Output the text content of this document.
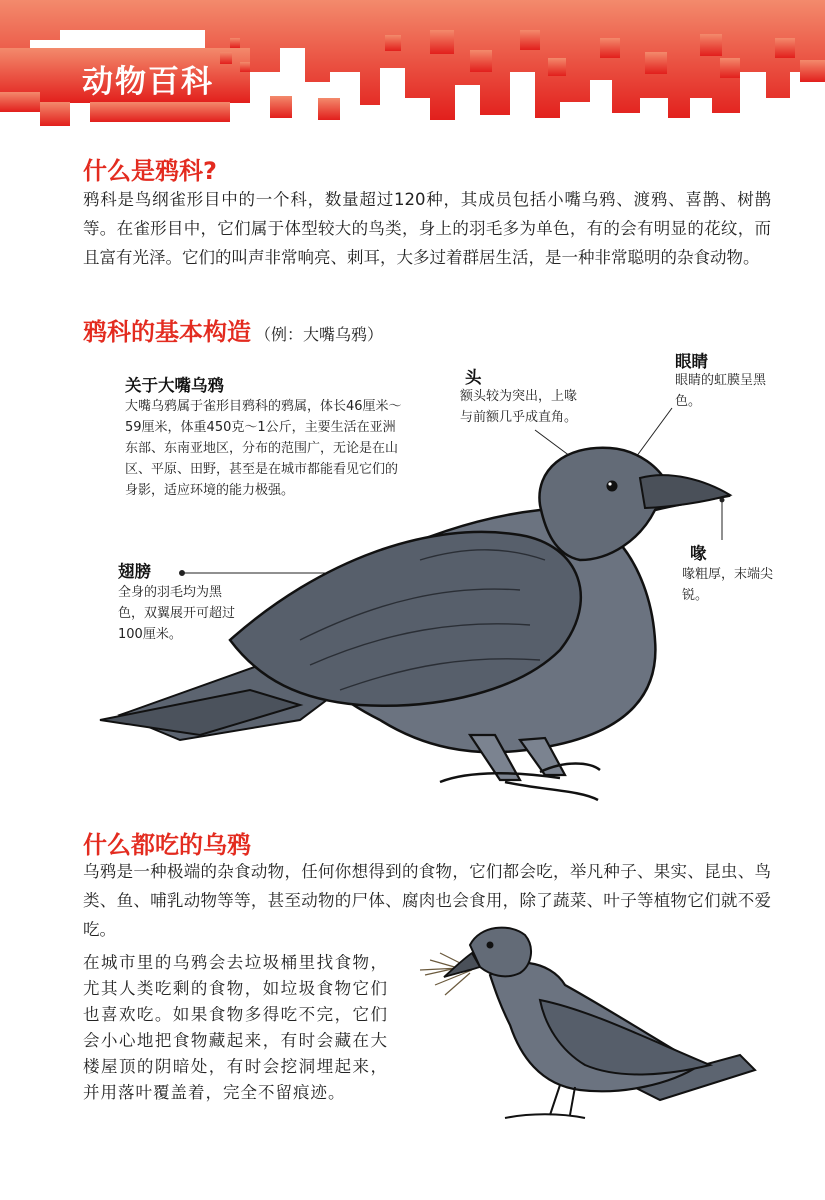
动物百科
什么是鸦科?
鸦科是鸟纲雀形目中的一个科，数量超过120种，其成员包括小嘴乌鸦、渡鸦、喜鹊、树鹊等。在雀形目中，它们属于体型较大的鸟类，身上的羽毛多为单色，有的会有明显的花纹，而且富有光泽。它们的叫声非常响亮、刺耳，大多过着群居生活，是一种非常聪明的杂食动物。
鸦科的基本构造 （例：大嘴乌鸦）
关于大嘴乌鸦
大嘴乌鸦属于雀形目鸦科的鸦属，体长46厘米～59厘米，体重450克～1公斤，主要生活在亚洲东部、东南亚地区，分布的范围广，无论是在山区、平原、田野，甚至是在城市都能看见它们的身影，适应环境的能力极强。
头
额头较为突出，上喙与前额几乎成直角。
眼睛
眼睛的虹膜呈黑色。
喙
喙粗厚，末端尖锐。
翅膀
全身的羽毛均为黑色，双翼展开可超过100厘米。
什么都吃的乌鸦
乌鸦是一种极端的杂食动物，任何你想得到的食物，它们都会吃，举凡种子、果实、昆虫、鸟类、鱼、哺乳动物等等，甚至动物的尸体、腐肉也会食用，除了蔬菜、叶子等植物它们就不爱吃。
在城市里的乌鸦会去垃圾桶里找食物，尤其人类吃剩的食物，如垃圾食物它们也喜欢吃。如果食物多得吃不完，它们会小心地把食物藏起来，有时会藏在大楼屋顶的阴暗处，有时会挖洞埋起来，并用落叶覆盖着，完全不留痕迹。
